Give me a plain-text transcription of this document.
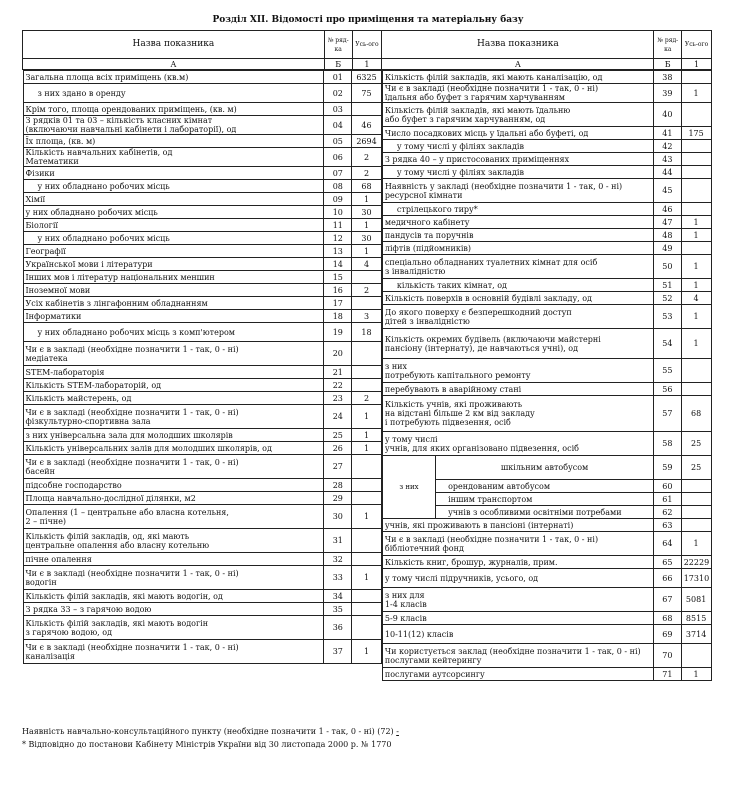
Розділ ХІІ. Відомості про приміщення та матеріальну базу
Назва показника	№ ряд-ка	Усь-ого	Назва показника	№ ряд-ка	Усь-ого
А	Б	1	А	Б	1

Загальна площа всіх приміщень (кв.м)	01	6325

з них здано в оренду	02	75

Крім того, площа орендованих приміщень, (кв. м)	03	

З рядків 01 та 03 – кількість класних кімнат
(включаючи навчальні кабінети і лабораторії), од	04	46

Їх площа, (кв. м)	05	2694

Кількість навчальних кабінетів, од
Математики	06	2

Фізики	07	2

у них обладнано робочих місць	08	68

Хімії	09	1

у них обладнано робочих місць	10	30

Біології	11	1

у них обладнано робочих місць	12	30

Географії	13	1

Української мови і літератури	14	4

Інших мов і літератур національних меншин	15	

Іноземної мови	16	2

Усіх кабінетів з лінгафонним обладнанням	17	

Інформатики	18	3

у них обладнано робочих місць з комп'ютером	19	18

Чи є в закладі (необхідне позначити 1 - так, 0 - ні)
медіатека	20	

STEM-лабораторія	21	

Кількість STEM-лабораторій, од	22	

Кількість майстерень, од	23	2

Чи є в закладі (необхідне позначити 1 - так, 0 - ні)
фізкультурно-спортивна зала	24	1

з них універсальна зала для молодших школярів	25	1

Кількість універсальних залів для молодших школярів, од	26	1

Чи є в закладі (необхідне позначити 1 - так, 0 - ні)
басейн	27	

підсобне господарство	28	

Площа навчально-дослідної ділянки, м2	29	

Опалення (1 – центральне або власна котельня,
2 – пічне)	30	1

Кількість філій закладів, од, які мають
центральне опалення або власну котельню	31	

пічне опалення	32	

Чи є в закладі (необхідне позначити 1 - так, 0 - ні)
водогін	33	1

Кількість філій закладів, які мають водогін, од	34	

З рядка 33 – з гарячою водою	35	

Кількість філій закладів, які мають водогін
з гарячою водою, од	36	

Чи є в закладі (необхідне позначити 1 - так, 0 - ні)
каналізація	37	1

Кількість філій закладів, які мають каналізацію, од	38	

Чи є в закладі (необхідне позначити 1 - так, 0 - ні)
їдальня або буфет з гарячим харчуванням	39	1

Кількість філій закладів, які мають їдальню
або буфет з гарячим харчуванням, од	40	

Число посадкових місць у їдальні або буфеті, од	41	175

у тому числі у філіях закладів	42	

З рядка 40 – у пристосованих приміщеннях	43	

у тому числі у філіях закладів	44	

Наявність у закладі (необхідне позначити 1 - так, 0 - ні)
ресурсної кімнати	45	

стрілецького тиру*	46	

медичного кабінету	47	1

пандусів та поручнів	48	1

ліфтів (підйомників)	49	

спеціально обладнаних туалетних кімнат для осіб
з інвалідністю	50	1

кількість таких кімнат, од	51	1

Кількість поверхів в основній будівлі закладу, од	52	4

До якого поверху є безперешкодний доступ
дітей з інвалідністю	53	1

Кількість окремих будівель (включаючи майстерні
пансіону (інтернату), де навчаються учні), од	54	1

з них
потребують капітального ремонту	55	

перебувають в аварійному стані	56	

Кількість учнів, які проживають
на відстані більше 2 км від закладу
і потребують підвезення, осіб
	57	68

у тому числі
учнів, для яких організовано підвезення, осіб	58	25
з них	
шкільним автобусом	59	25

орендованим автобусом	60	

іншим транспортом	61	

учнів з особливими освітніми потребами	62	

учнів, які проживають в пансіоні (інтернаті)	63	

Чи є в закладі (необхідне позначити 1 - так, 0 - ні)
бібліотечний фонд	64	1

Кількість книг, брошур, журналів, прим.	65	22229

у тому числі підручників, усього, од	66	17310

з них для
1-4 класів	67	5081

5-9 класів	68	8515

10-11(12) класів	69	3714

Чи користується заклад (необхідне позначити 1 - так, 0 - ні)
послугами кейтерингу	70	

послугами аутсорсингу	71	1
Наявність навчально-консультаційного пункту (необхідне позначити 1 - так, 0 - ні) (72) -
* Відповідно до постанови Кабінету Міністрів України від 30 листопада 2000 р. № 1770
